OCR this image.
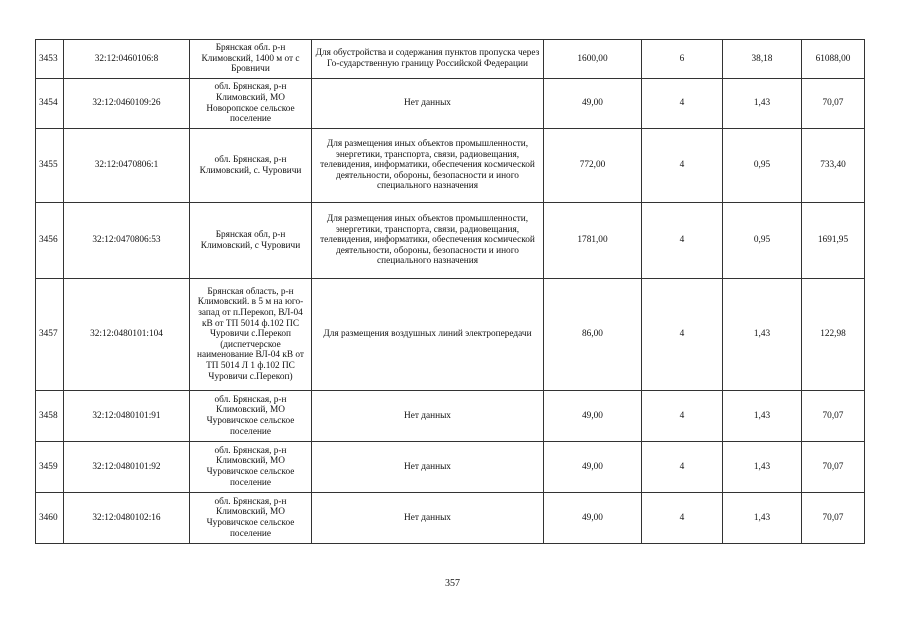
3453	32:12:0460106:8	Брянская обл. р-н Климовский, 1400 м от с Бровничи	Для обустройства и содержания пунктов пропуска через Го-сударственную границу Российской Федерации	1600,00	6	38,18	61088,00
3454	32:12:0460109:26	обл. Брянская, р-н Климовский, МО Новоропское сельское поселение	Нет данных	49,00	4	1,43	70,07
3455	32:12:0470806:1	обл. Брянская, р-н Климовский, с. Чуровичи	Для размещения иных объектов промышленности, энергетики, транспорта, связи, радиовещания, телевидения, информатики, обеспечения космической деятельности, обороны, безопасности и иного специального назначения	772,00	4	0,95	733,40
3456	32:12:0470806:53	Брянская обл, р-н Климовский, с Чуровичи	Для размещения иных объектов промышленности, энергетики, транспорта, связи, радиовещания, телевидения, информатики, обеспечения космической деятельности, обороны, безопасности и иного специального назначения	1781,00	4	0,95	1691,95
3457	32:12:0480101:104	Брянская область, р-н Климовский. в 5 м на юго-запад от п.Перекоп, ВЛ-04 кВ от ТП 5014 ф.102 ПС Чуровичи с.Перекоп (диспетчерское наименование ВЛ-04 кВ от ТП 5014 Л 1 ф.102 ПС Чуровичи с.Перекоп)	Для размещения воздушных линий электропередачи	86,00	4	1,43	122,98
3458	32:12:0480101:91	обл. Брянская, р-н Климовский, МО Чуровичское сельское поселение	Нет данных	49,00	4	1,43	70,07
3459	32:12:0480101:92	обл. Брянская, р-н Климовский, МО Чуровичское сельское поселение	Нет данных	49,00	4	1,43	70,07
3460	32:12:0480102:16	обл. Брянская, р-н Климовский, МО Чуровичское сельское поселение	Нет данных	49,00	4	1,43	70,07
357
